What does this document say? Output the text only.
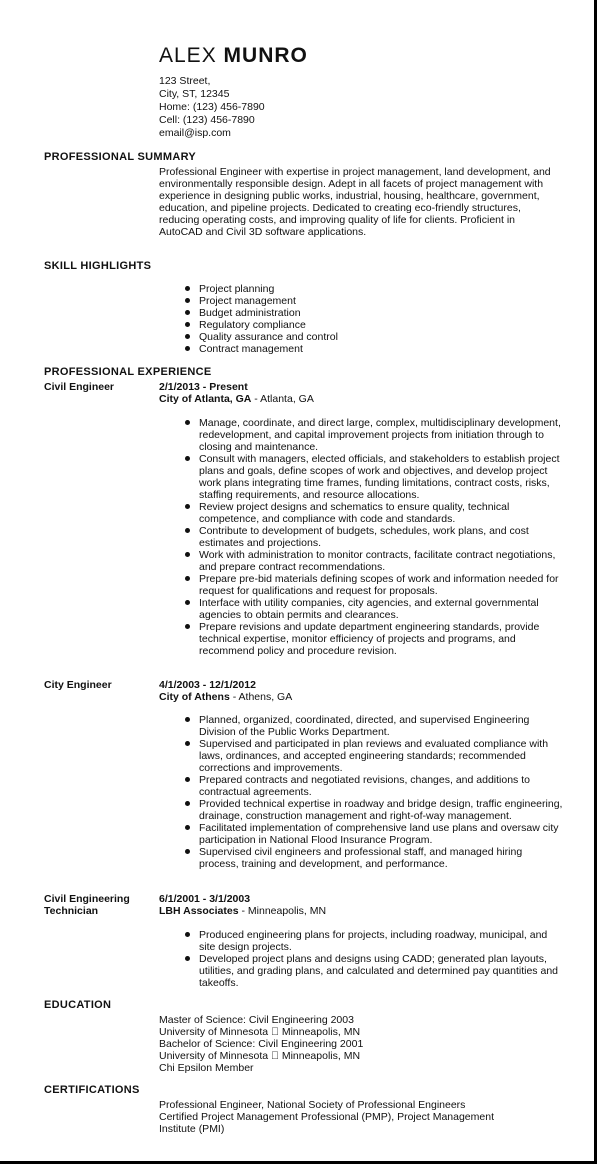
ALEX MUNRO
123 Street,
City, ST, 12345
Home: (123) 456-7890
Cell: (123) 456-7890
email@isp.com
PROFESSIONAL SUMMARY
Professional Engineer with expertise in project management, land development, and environmentally responsible design. Adept in all facets of project management with experience in designing public works, industrial, housing, healthcare, government, education, and pipeline projects. Dedicated to creating eco-friendly structures, reducing operating costs, and improving quality of life for clients. Proficient in AutoCAD and Civil 3D software applications.
SKILL HIGHLIGHTS
Project planning
Project management
Budget administration
Regulatory compliance
Quality assurance and control
Contract management
PROFESSIONAL EXPERIENCE
Civil Engineer	2/1/2013 - Present
City of Atlanta, GA - Atlanta, GA
Manage, coordinate, and direct large, complex, multidisciplinary development, redevelopment, and capital improvement projects from initiation through to closing and maintenance.
Consult with managers, elected officials, and stakeholders to establish project plans and goals, define scopes of work and objectives, and develop project work plans integrating time frames, funding limitations, contract costs, risks, staffing requirements, and resource allocations.
Review project designs and schematics to ensure quality, technical competence, and compliance with code and standards.
Contribute to development of budgets, schedules, work plans, and cost estimates and projections.
Work with administration to monitor contracts, facilitate contract negotiations, and prepare contract recommendations.
Prepare pre-bid materials defining scopes of work and information needed for request for qualifications and request for proposals.
Interface with utility companies, city agencies, and external governmental agencies to obtain permits and clearances.
Prepare revisions and update department engineering standards, provide technical expertise, monitor efficiency of projects and programs, and recommend policy and procedure revision.
City Engineer	4/1/2003 - 12/1/2012
City of Athens - Athens, GA
Planned, organized, coordinated, directed, and supervised Engineering Division of the Public Works Department.
Supervised and participated in plan reviews and evaluated compliance with laws, ordinances, and accepted engineering standards; recommended corrections and improvements.
Prepared contracts and negotiated revisions, changes, and additions to contractual agreements.
Provided technical expertise in roadway and bridge design, traffic engineering, drainage, construction management and right-of-way management.
Facilitated implementation of comprehensive land use plans and oversaw city participation in National Flood Insurance Program.
Supervised civil engineers and professional staff, and managed hiring process, training and development, and performance.
Civil Engineering Technician
6/1/2001 - 3/1/2003
LBH Associates - Minneapolis, MN
Produced engineering plans for projects, including roadway, municipal, and site design projects.
Developed project plans and designs using CADD; generated plan layouts, utilities, and grading plans, and calculated and determined pay quantities and takeoffs.
EDUCATION
Master of Science: Civil Engineering 2003
University of Minnesota   Minneapolis, MN
Bachelor of Science: Civil Engineering 2001
University of Minnesota   Minneapolis, MN
Chi Epsilon Member
CERTIFICATIONS
Professional Engineer, National Society of Professional Engineers
Certified Project Management Professional (PMP), Project Management
Institute (PMI)
